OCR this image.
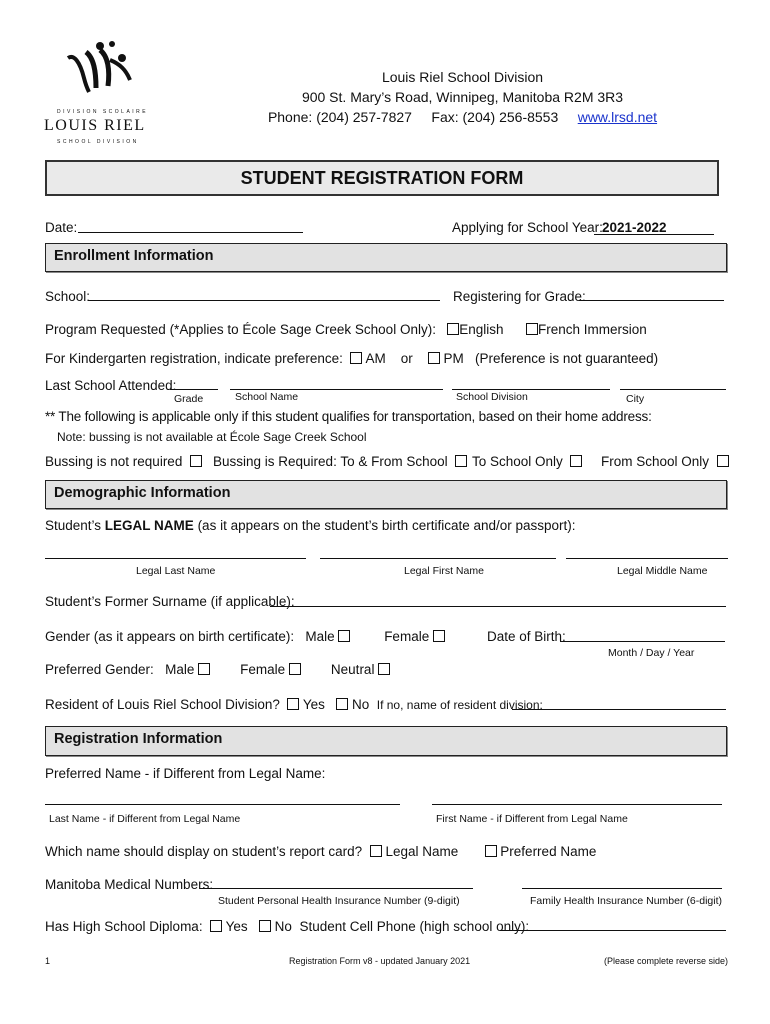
DIVISION SCOLAIRE
LOUIS RIEL
SCHOOL DIVISION
Louis Riel School Division
900 St. Mary’s Road, Winnipeg, Manitoba R2M 3R3
Phone: (204) 257-7827 Fax: (204) 256-8553 www.lrsd.net
STUDENT REGISTRATION FORM
Date:	Applying for School Year: 2021-2022
Enrollment Information
School:	Registering for Grade:
Program Requested (*Applies to École Sage Creek School Only): English	French Immersion
For Kindergarten registration, indicate preference: AM or PM (Preference is not guaranteed)
Last School Attended:
Grade	School Name	School Division	City
** The following is applicable only if this student qualifies for transportation, based on their home address:
Note: bussing is not available at École Sage Creek School
Bussing is not required	Bussing is Required: To & From School	To School Only	From School Only
Demographic Information
Student’s LEGAL NAME (as it appears on the student’s birth certificate and/or passport):
Legal Last Name	Legal First Name	Legal Middle Name
Student’s Former Surname (if applicable):
Gender (as it appears on birth certificate): Male	Female	Date of Birth:
Month / Day / Year
Preferred Gender: Male	Female	Neutral
Resident of Louis Riel School Division? Yes No If no, name of resident division:
Registration Information
Preferred Name - if Different from Legal Name:
Last Name - if Different from Legal Name	First Name - if Different from Legal Name
Which name should display on student’s report card? Legal Name	Preferred Name
Manitoba Medical Numbers:
Student Personal Health Insurance Number (9-digit)	Family Health Insurance Number (6-digit)
Has High School Diploma: Yes No Student Cell Phone (high school only):
1	Registration Form v8 - updated January 2021	(Please complete reverse side)
